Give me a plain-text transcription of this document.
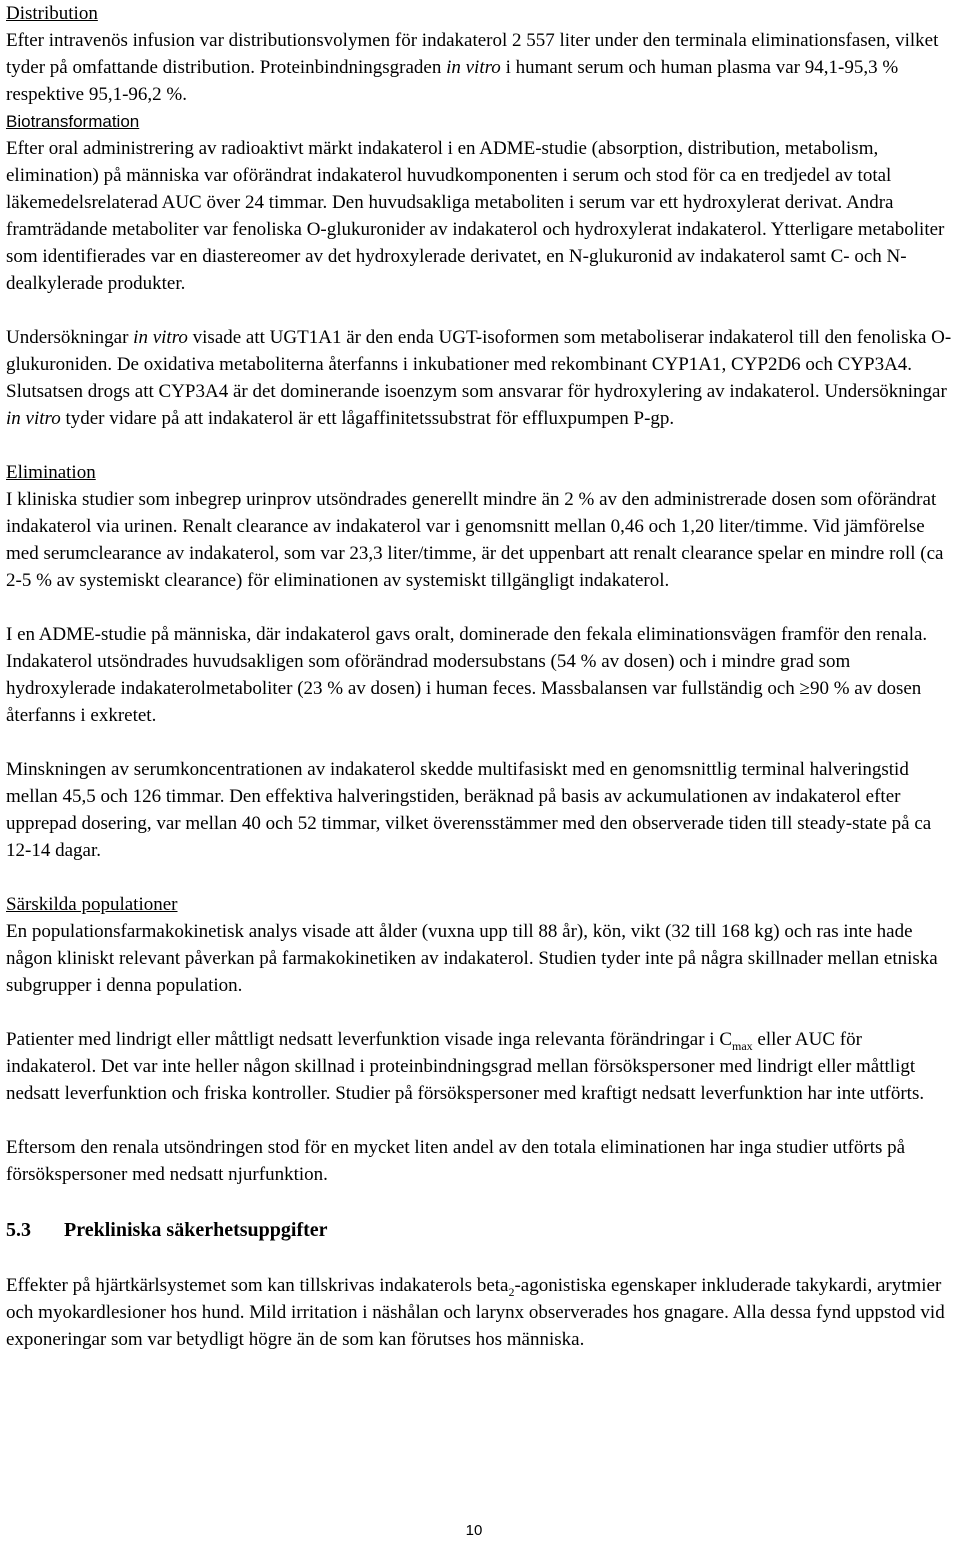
Distribution

Efter intravenös infusion var distributionsvolymen för indakaterol 2 557 liter under den terminala eliminationsfasen, vilket tyder på omfattande distribution. Proteinbindningsgraden in vitro i humant serum och human plasma var 94,1-95,3 % respektive 95,1-96,2 %.

Biotransformation

Efter oral administrering av radioaktivt märkt indakaterol i en ADME-studie (absorption, distribution, metabolism, elimination) på människa var oförändrat indakaterol huvudkomponenten i serum och stod för ca en tredjedel av total läkemedelsrelaterad AUC över 24 timmar. Den huvudsakliga metaboliten i serum var ett hydroxylerat derivat. Andra framträdande metaboliter var fenoliska O-glukuronider av indakaterol och hydroxylerat indakaterol. Ytterligare metaboliter som identifierades var en diastereomer av det hydroxylerade derivatet, en N-glukuronid av indakaterol samt C- och N-dealkylerade produkter.

Undersökningar in vitro visade att UGT1A1 är den enda UGT-isoformen som metaboliserar indakaterol till den fenoliska O-glukuroniden. De oxidativa metaboliterna återfanns i inkubationer med rekombinant CYP1A1, CYP2D6 och CYP3A4. Slutsatsen drogs att CYP3A4 är det dominerande isoenzym som ansvarar för hydroxylering av indakaterol. Undersökningar in vitro tyder vidare på att indakaterol är ett lågaffinitetssubstrat för effluxpumpen P-gp.

Elimination

I kliniska studier som inbegrep urinprov utsöndrades generellt mindre än 2 % av den administrerade dosen som oförändrat indakaterol via urinen. Renalt clearance av indakaterol var i genomsnitt mellan 0,46 och 1,20 liter/timme. Vid jämförelse med serumclearance av indakaterol, som var 23,3 liter/timme, är det uppenbart att renalt clearance spelar en mindre roll (ca 2-5 % av systemiskt clearance) för eliminationen av systemiskt tillgängligt indakaterol.

I en ADME-studie på människa, där indakaterol gavs oralt, dominerade den fekala eliminationsvägen framför den renala. Indakaterol utsöndrades huvudsakligen som oförändrad modersubstans (54 % av dosen) och i mindre grad som hydroxylerade indakaterolmetaboliter (23 % av dosen) i human feces. Massbalansen var fullständig och ≥90 % av dosen återfanns i exkretet.

Minskningen av serumkoncentrationen av indakaterol skedde multifasiskt med en genomsnittlig terminal halveringstid mellan 45,5 och 126 timmar. Den effektiva halveringstiden, beräknad på basis av ackumulationen av indakaterol efter upprepad dosering, var mellan 40 och 52 timmar, vilket överensstämmer med den observerade tiden till steady-state på ca 12-14 dagar.

Särskilda populationer

En populationsfarmakokinetisk analys visade att ålder (vuxna upp till 88 år), kön, vikt (32 till 168 kg) och ras inte hade någon kliniskt relevant påverkan på farmakokinetiken av indakaterol. Studien tyder inte på några skillnader mellan etniska subgrupper i denna population.

Patienter med lindrigt eller måttligt nedsatt leverfunktion visade inga relevanta förändringar i $C_{max}$ eller AUC för indakaterol. Det var inte heller någon skillnad i proteinbindningsgrad mellan försökspersoner med lindrigt eller måttligt nedsatt leverfunktion och friska kontroller. Studier på försökspersoner med kraftigt nedsatt leverfunktion har inte utförts.

Eftersom den renala utsöndringen stod för en mycket liten andel av den totala eliminationen har inga studier utförts på försökspersoner med nedsatt njurfunktion.

5.3 Prekliniska säkerhetsuppgifter

Effekter på hjärtkärlsystemet som kan tillskrivas indakaterols beta$_2$-agonistiska egenskaper inkluderade takykardi, arytmier och myokardlesioner hos hund. Mild irritation i näshålan och larynx observerades hos gnagare. Alla dessa fynd uppstod vid exponeringar som var betydligt högre än de som kan förutses hos människa.

10
